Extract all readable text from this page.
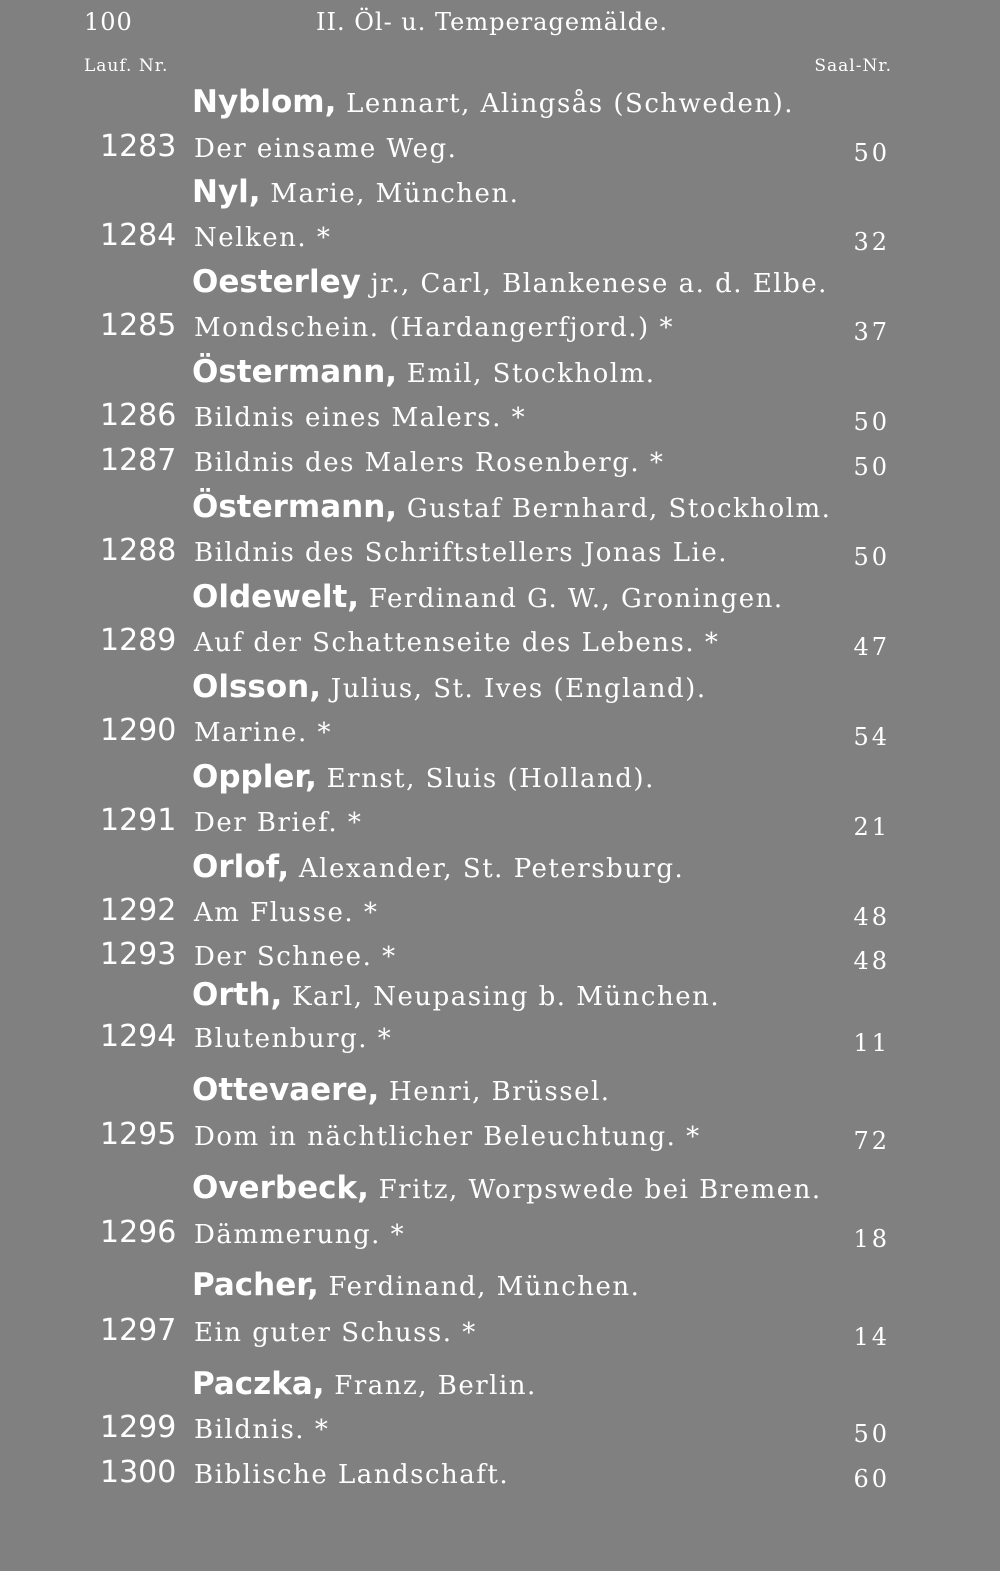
100	II. Öl- u. Temperagemälde.
Lauf. Nr.	Saal-Nr.
Nyblom, Lennart, Alingsås (Schweden).
1283 Der einsame Weg.	50
Nyl, Marie, München.
1284 Nelken. *	32
Oesterley jr., Carl, Blankenese a. d. Elbe.
1285 Mondschein. (Hardangerfjord.) *	37
Östermann, Emil, Stockholm.
1286 Bildnis eines Malers. *	50
1287 Bildnis des Malers Rosenberg. *	50
Östermann, Gustaf Bernhard, Stockholm.
1288 Bildnis des Schriftstellers Jonas Lie.	50
Oldewelt, Ferdinand G. W., Groningen.
1289 Auf der Schattenseite des Lebens. *	47
Olsson, Julius, St. Ives (England).
1290 Marine. *	54
Oppler, Ernst, Sluis (Holland).
1291 Der Brief. *	21
Orlof, Alexander, St. Petersburg.
1292 Am Flusse. *	48
1293 Der Schnee. *	48
Orth, Karl, Neupasing b. München.
1294 Blutenburg. *	11
Ottevaere, Henri, Brüssel.
1295 Dom in nächtlicher Beleuchtung. *	72
Overbeck, Fritz, Worpswede bei Bremen.
1296 Dämmerung. *	18
Pacher, Ferdinand, München.
1297 Ein guter Schuss. *	14
Paczka, Franz, Berlin.
1299 Bildnis. *	50
1300 Biblische Landschaft.	60
